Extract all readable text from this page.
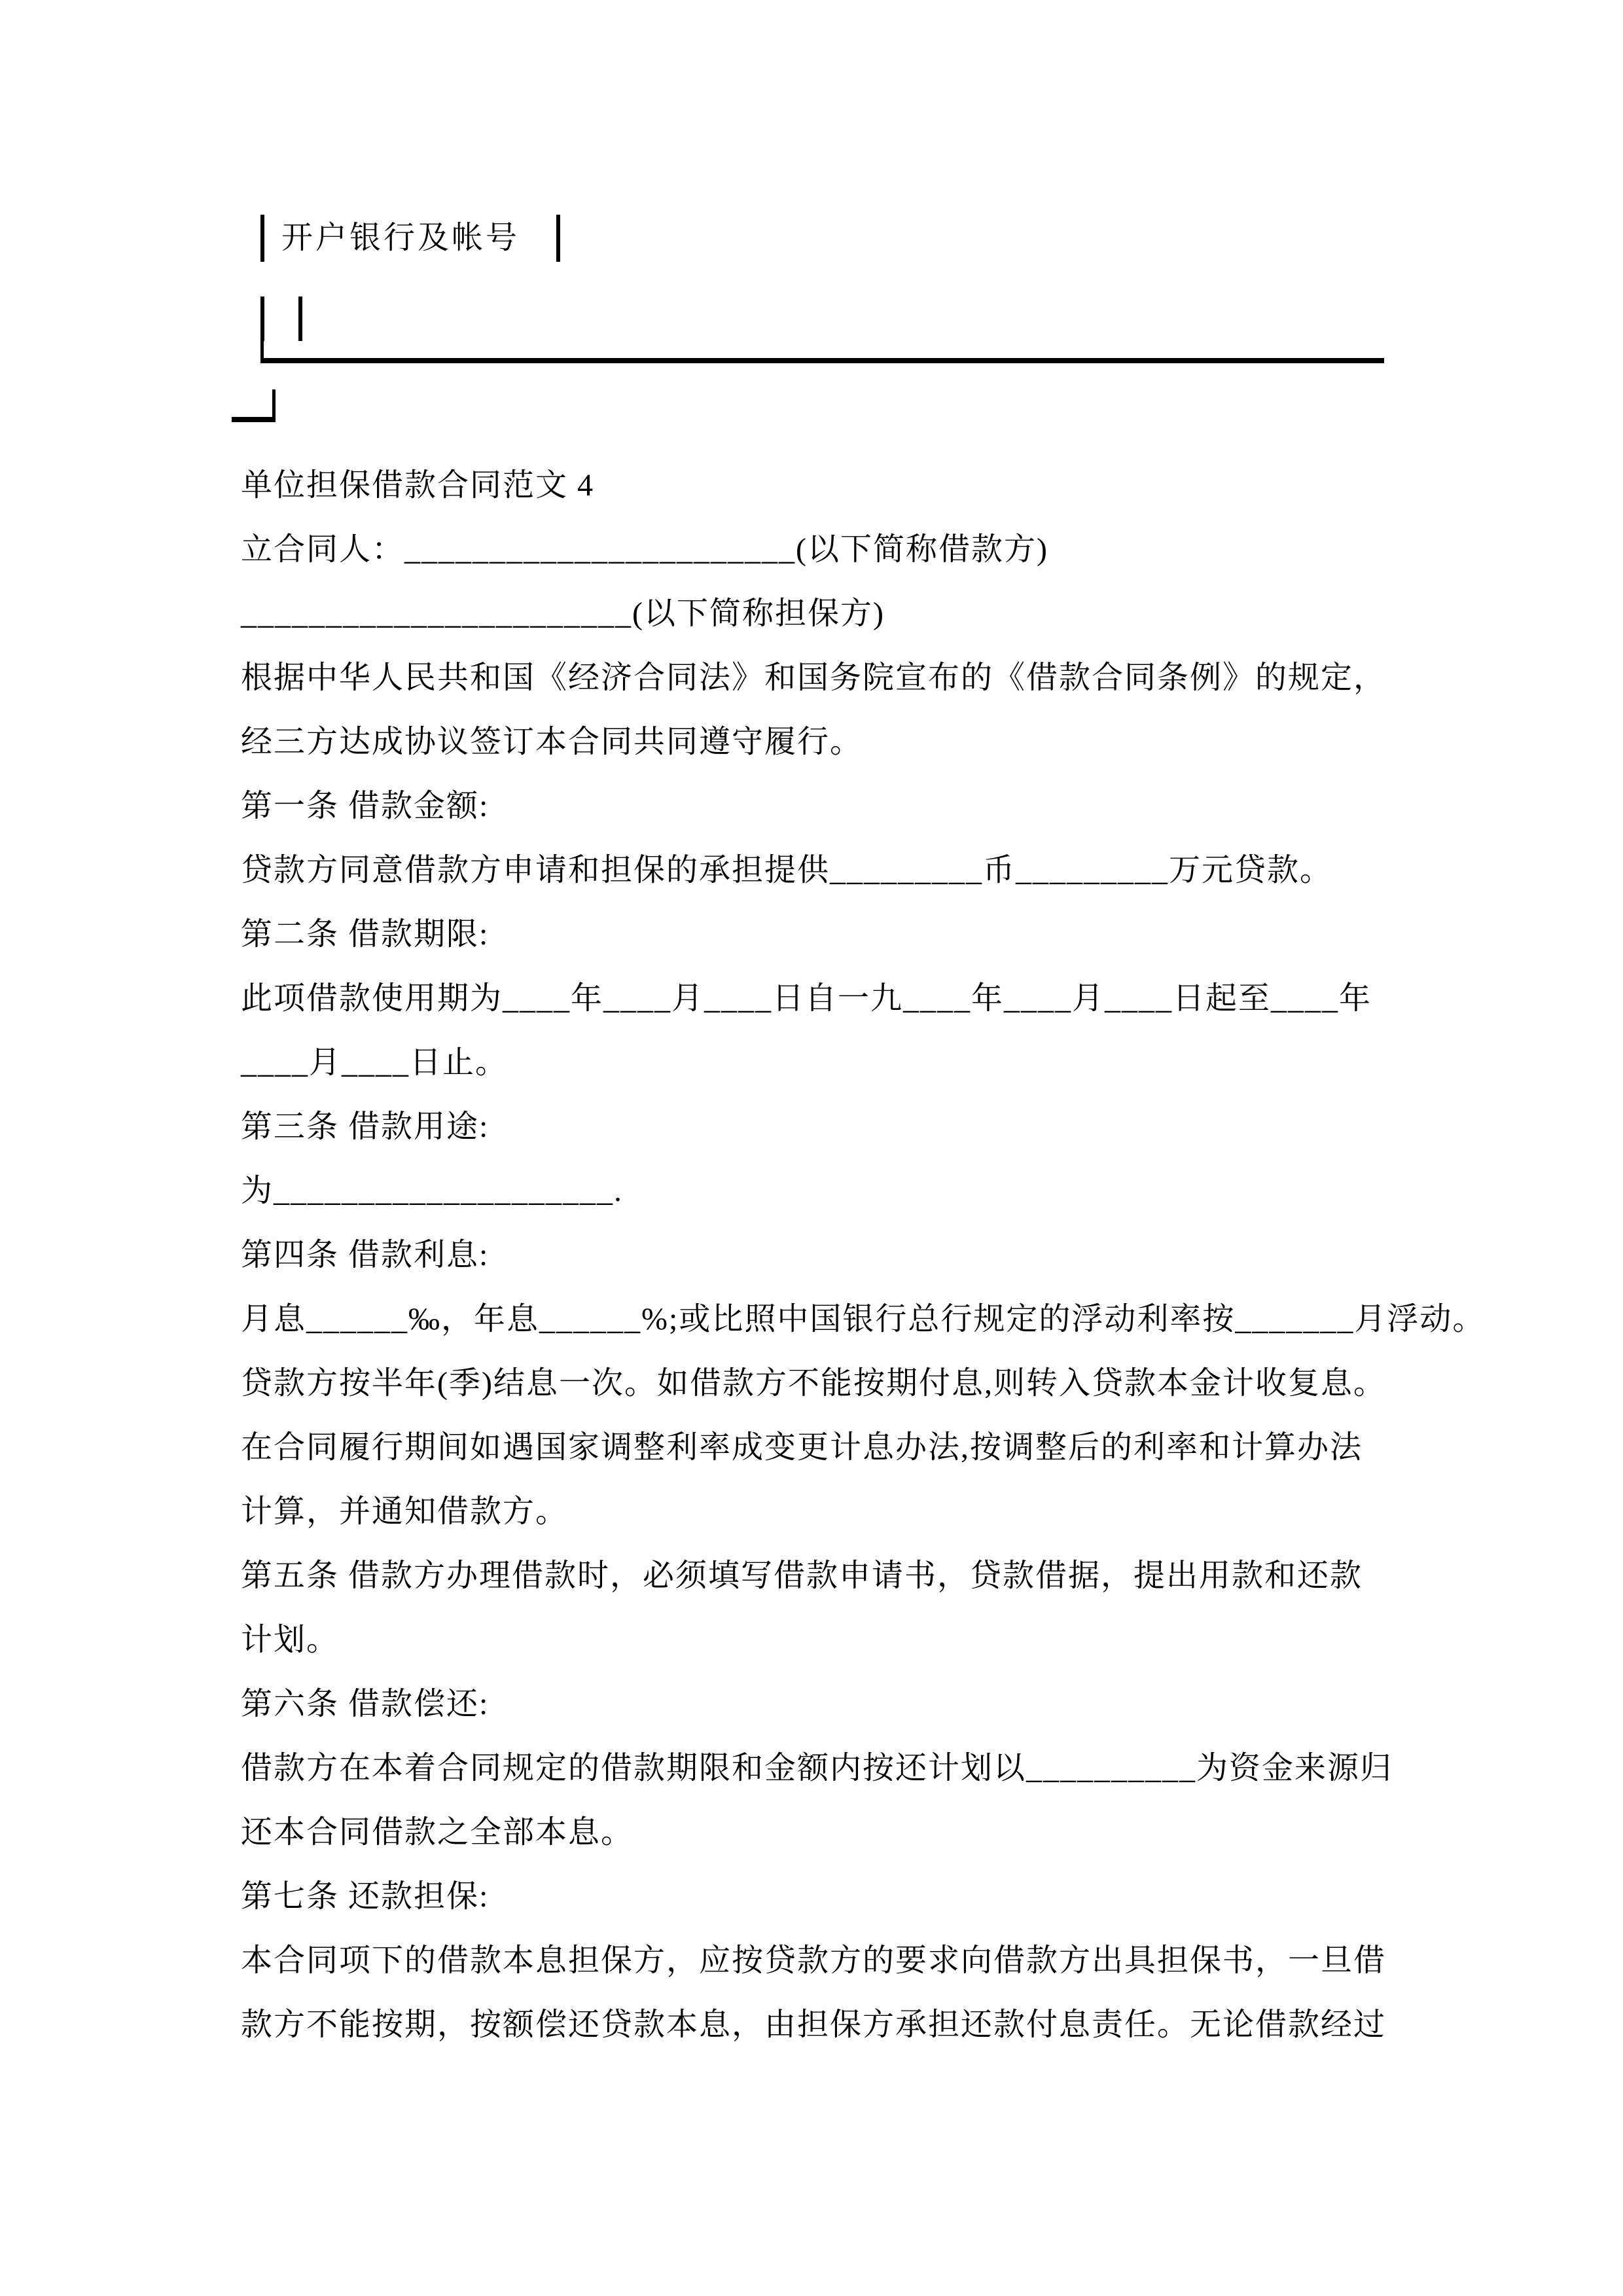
开户银行及帐号

单位担保借款合同范文 4

立合同人：_______________________(以下简称借款方)

_______________________(以下简称担保方)

根据中华人民共和国《经济合同法》和国务院宣布的《借款合同条例》的规定，

经三方达成协议签订本合同共同遵守履行。

第一条 借款金额:

贷款方同意借款方申请和担保的承担提供_________币_________万元贷款。

第二条 借款期限:

此项借款使用期为____年____月____日自一九____年____月____日起至____年

____月____日止。

第三条 借款用途:

为____________________.

第四条 借款利息:

月息______‰，年息______%;或比照中国银行总行规定的浮动利率按_______月浮动。

贷款方按半年(季)结息一次。如借款方不能按期付息,则转入贷款本金计收复息。

在合同履行期间如遇国家调整利率成变更计息办法,按调整后的利率和计算办法

计算，并通知借款方。

第五条 借款方办理借款时，必须填写借款申请书，贷款借据，提出用款和还款

计划。

第六条 借款偿还:

借款方在本着合同规定的借款期限和金额内按还计划以__________为资金来源归

还本合同借款之全部本息。

第七条 还款担保:

本合同项下的借款本息担保方，应按贷款方的要求向借款方出具担保书，一旦借

款方不能按期，按额偿还贷款本息，由担保方承担还款付息责任。无论借款经过
